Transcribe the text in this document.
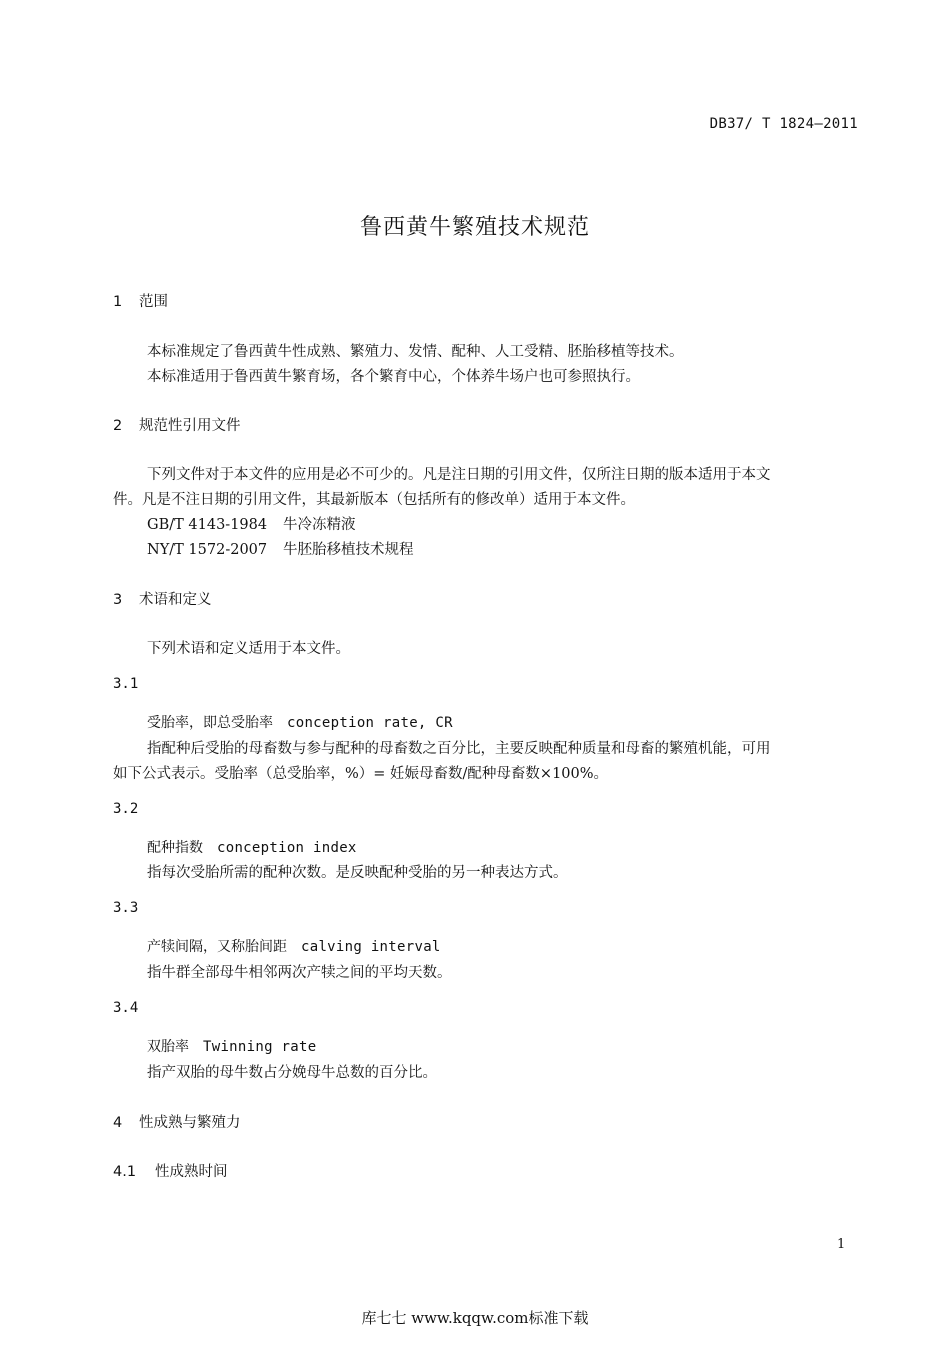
DB37/ T 1824—2011
鲁西黄牛繁殖技术规范
1 范围
本标准规定了鲁西黄牛性成熟、繁殖力、发情、配种、人工受精、胚胎移植等技术。
本标准适用于鲁西黄牛繁育场，各个繁育中心，个体养牛场户也可参照执行。
2 规范性引用文件
下列文件对于本文件的应用是必不可少的。凡是注日期的引用文件，仅所注日期的版本适用于本文
件。凡是不注日期的引用文件，其最新版本（包括所有的修改单）适用于本文件。
GB/T 4143-1984 牛冷冻精液
NY/T 1572-2007 牛胚胎移植技术规程
3 术语和定义
下列术语和定义适用于本文件。
3.1
受胎率，即总受胎率 conception rate, CR
指配种后受胎的母畜数与参与配种的母畜数之百分比，主要反映配种质量和母畜的繁殖机能，可用
如下公式表示。受胎率（总受胎率，%）= 妊娠母畜数/配种母畜数×100%。
3.2
配种指数 conception index
指每次受胎所需的配种次数。是反映配种受胎的另一种表达方式。
3.3
产犊间隔，又称胎间距 calving interval
指牛群全部母牛相邻两次产犊之间的平均天数。
3.4
双胎率 Twinning rate
指产双胎的母牛数占分娩母牛总数的百分比。
4 性成熟与繁殖力
4.1 性成熟时间
1
库七七 www.kqqw.com标准下载
